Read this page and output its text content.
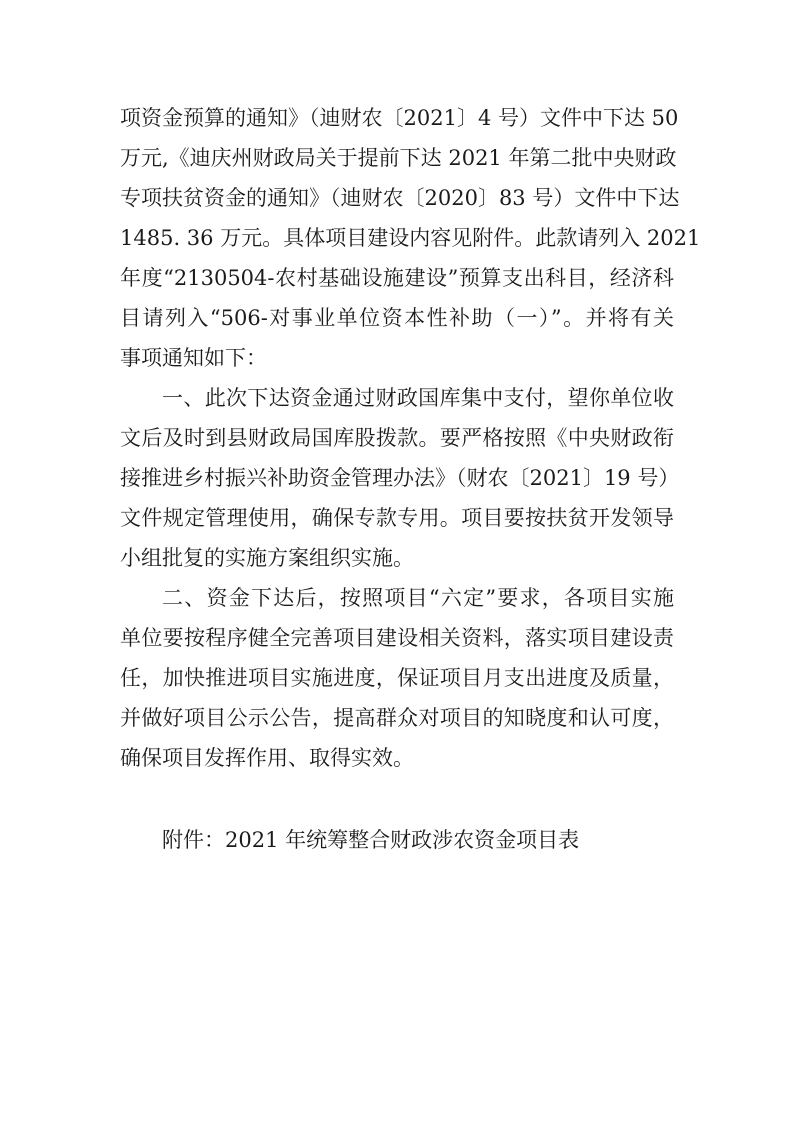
项资金预算的通知》（迪财农〔2021〕4 号）文件中下达 50
万元,《迪庆州财政局关于提前下达 2021 年第二批中央财政
专项扶贫资金的通知》（迪财农〔2020〕83 号）文件中下达
1485. 36 万元。具体项目建设内容见附件。此款请列入 2021
年度“2130504-农村基础设施建设”预算支出科目，经济科
目请列入“506-对事业单位资本性补助（一）”。并将有关
事项通知如下：
一、此次下达资金通过财政国库集中支付，望你单位收
文后及时到县财政局国库股拨款。要严格按照《中央财政衔
接推进乡村振兴补助资金管理办法》（财农〔2021〕19 号）
文件规定管理使用，确保专款专用。项目要按扶贫开发领导
小组批复的实施方案组织实施。
二、资金下达后，按照项目“六定”要求，各项目实施
单位要按程序健全完善项目建设相关资料，落实项目建设责
任，加快推进项目实施进度，保证项目月支出进度及质量，
并做好项目公示公告，提高群众对项目的知晓度和认可度，
确保项目发挥作用、取得实效。
附件：2021 年统筹整合财政涉农资金项目表
